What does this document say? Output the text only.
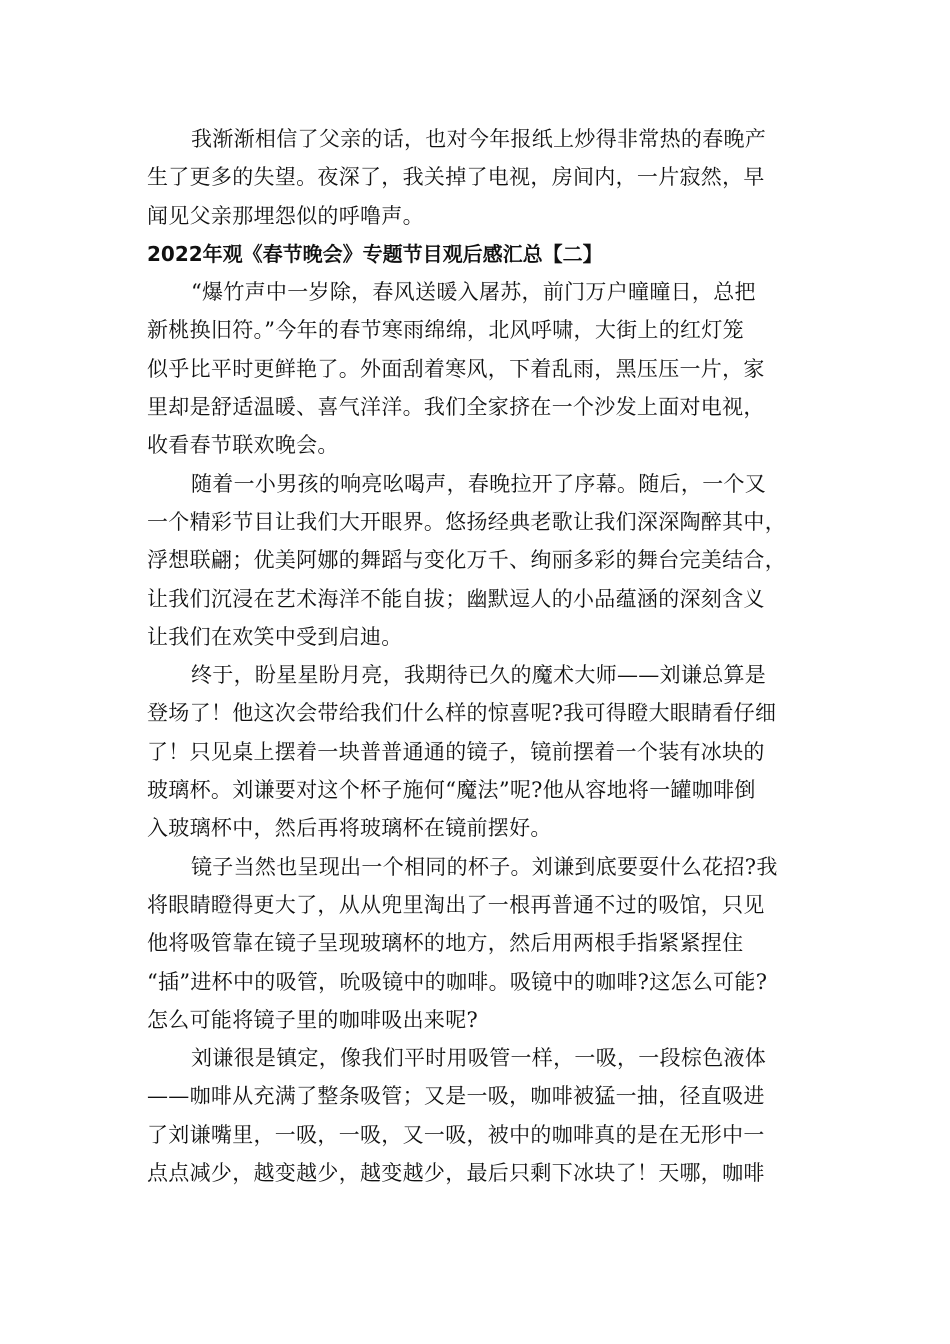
我渐渐相信了父亲的话，也对今年报纸上炒得非常热的春晚产
生了更多的失望。夜深了，我关掉了电视，房间内，一片寂然，早
闻见父亲那埋怨似的呼噜声。
2022年观《春节晚会》专题节目观后感汇总【二】
“爆竹声中一岁除，春风送暖入屠苏，前门万户曈曈日，总把
新桃换旧符。”今年的春节寒雨绵绵，北风呼啸，大街上的红灯笼
似乎比平时更鲜艳了。外面刮着寒风，下着乱雨，黑压压一片，家
里却是舒适温暖、喜气洋洋。我们全家挤在一个沙发上面对电视，
收看春节联欢晚会。
随着一小男孩的响亮吆喝声，春晚拉开了序幕。随后，一个又
一个精彩节目让我们大开眼界。悠扬经典老歌让我们深深陶醉其中，
浮想联翩；优美阿娜的舞蹈与变化万千、绚丽多彩的舞台完美结合，
让我们沉浸在艺术海洋不能自拔；幽默逗人的小品蕴涵的深刻含义
让我们在欢笑中受到启迪。
终于，盼星星盼月亮，我期待已久的魔术大师——刘谦总算是
登场了！他这次会带给我们什么样的惊喜呢?我可得瞪大眼睛看仔细
了！只见桌上摆着一块普普通通的镜子，镜前摆着一个装有冰块的
玻璃杯。刘谦要对这个杯子施何“魔法”呢?他从容地将一罐咖啡倒
入玻璃杯中，然后再将玻璃杯在镜前摆好。
镜子当然也呈现出一个相同的杯子。刘谦到底要耍什么花招?我
将眼睛瞪得更大了，从从兜里淘出了一根再普通不过的吸馆，只见
他将吸管靠在镜子呈现玻璃杯的地方，然后用两根手指紧紧捏住
“插”进杯中的吸管，吮吸镜中的咖啡。吸镜中的咖啡?这怎么可能?
怎么可能将镜子里的咖啡吸出来呢?
刘谦很是镇定，像我们平时用吸管一样，一吸，一段棕色液体
——咖啡从充满了整条吸管；又是一吸，咖啡被猛一抽，径直吸进
了刘谦嘴里，一吸，一吸，又一吸，被中的咖啡真的是在无形中一
点点减少，越变越少，越变越少，最后只剩下冰块了！天哪，咖啡
